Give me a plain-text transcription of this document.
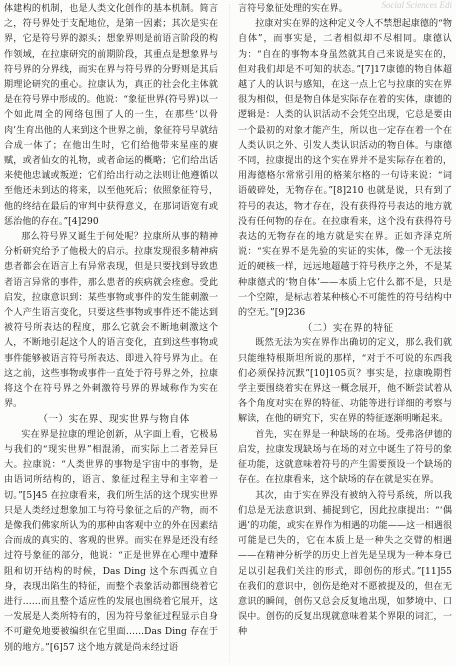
Social Sciences Edi

体建构的机制，也是人类文化创作的基本机制。简言之，符号界处于支配地位，是第一因素；其次是实在界，它是符号界的源头；想象界则是前语言阶段的构作领域，在拉康研究的前期阶段，其重点是想象界与符号界的分界线，而实在界与符号界的分野则是其后期理论研究的重心。拉康认为，真正的社会化主体就是在符号界中形成的。他说：“象征世界(符号界)以一个如此周全的网络包围了人的一生，在那些‘以骨肉’生育出他的人来到这个世界之前，象征符号早就结合成一体了；在他出生时，它们给他带来星座的赓赋，或者仙女的礼物，或者命运的概略；它们给出话来使他忠诚或叛逆；它们给出行动之法则让他遵循以至他还未到达的将来，以至他死后；依照象征符号，他的终结在最后的审判中获得意义，在那词语宽有或惩治他的存在。”[4]290

那么符号界又诞生于何处呢？拉康所从事的精神分析研究给予了他极大的启示。拉康发现很多精神病患者都会在语言上有异常表现，但是只要找到导致患者语言异常的事件，那么患者的疾病就会痊愈。受此启发，拉康意识到：某些事物或事件的发生能刺激一个人产生语言变化，只要这些事物或事件还不能达到被符号所表达的程度，那么它就会不断地刺激这个人，不断地引起这个人的语言变化，直到这些事物或事件能够被语言符号所表达、即进入符号界为止。在这之前，这些事物或事件一直处于符号界之外，拉康将这个在符号界之外刺激符号界的界域称作为实在界。

（一）实在界、现实世界与物自体

实在界是拉康的理论创新，从字面上看，它极易与我们的“现实世界”相混淆，而实际上二者差异巨大。拉康说：“人类世界的事物是宇宙中的事物，是由语词所结构的，语言、象征过程主导和主宰着一切。”[5]45 在拉康看来，我们所生活的这个现实世界只是人类经过想象加工与符号象征之后的产物，而不是像我们佛家所认为的那种由客观中立的外在因素结合而成的真实的、客观的世界。而实在界是还没有经过符号象征的部分，他说：“正是世界在心理中遭释阻和切开结构的时候，Das Ding 这个东西孤立自身，表现出陷生的特征，而整个表象活动都围绕着它进行……而且整个适应性的发展也围绕着它展开，这一发展是人类所特有的，因为符号象征过程显示自身不可避免地要被编织在它里面……Das Ding 存在于别的地方。”[6]57 这个地方就是尚未经过语

言符号象征处理的实在界。

拉康对实在界的这种定义令人不禁想起康德的“物自体”，而事实是，二者相似却不尽相同。康德认为：“自在的事物本身虽然就其自己来说是实在的，但对我们却是不可知的状态。”[7]17康德的物自体超越了人的认识与感知，在这一点上它与拉康的实在界很为相似，但是物自体是实际存在着的实体，康德的逻辑是：人类的认识活动不会凭空出现，它总是要由一个最初的对象才能产生，所以也一定存在着一个在人类认识之外、引发人类认识活动的物自体。与康德不同，拉康提出的这个实在界并不是实际存在着的，用海德格尔常常引用的格莱尔格的一句诗来说：“词语破碎处，无物存在。”[8]210 也就是说，只有到了符号的表达，物才存在，没有获得符号表达的地方就没有任何物的存在。在拉康看来，这个没有获得符号表达的无物存在的地方就是实在界。正如齐泽克所说：“实在界不是先验的实证的实体，像一个无法接近的硬核一样，远远地超越于符号秩序之外，不是某种康德式的‘物自体’——本质上它什么都不是，只是一个空隙，是标志着某种核心不可能性的符号结构中的空无。”[9]236

（二）实在界的特征

既然无法为实在界作出确切的定义，那么我们就只能维特根斯坦所说的那样，“对于不可说的东西我们必须保持沉默”[10]105页？事实是，拉康晚期哲学主要围绕着实在界这一概念展开，他不断尝试着从各个角度对实在界的特征、功能等进行详细的考察与解读，在他的研究下，实在界的特征逐渐明晰起来。

首先，实在界是一种缺场的在场。受弗洛伊德的启发，拉康发现缺场与在场的对立中诞生了符号的象征功能，这就意味着符号的产生需要预设一个缺场的存在。在拉康看来，这个缺场的存在就是实在界。

其次，由于实在界没有被纳入符号系统，所以我们总是无法意识到、捕捉到它，因此拉康提出：“‘偶遇’的功能，或实在界作为相遇的功能——这一相遇很可能是已失的，它在本质上是一种失之交臂的相遇——在精神分析学的历史上首先是呈现为一种本身已足以引起我们关注的形式，即创伤的形式。”[11]55 在我们的意识中，创伤是绝对不愿被提及的，但在无意识的瞬间，创伤又总会反复地出现，如梦境中、口误中。创伤的反复出现就意味着某个界限的词汇，一种
